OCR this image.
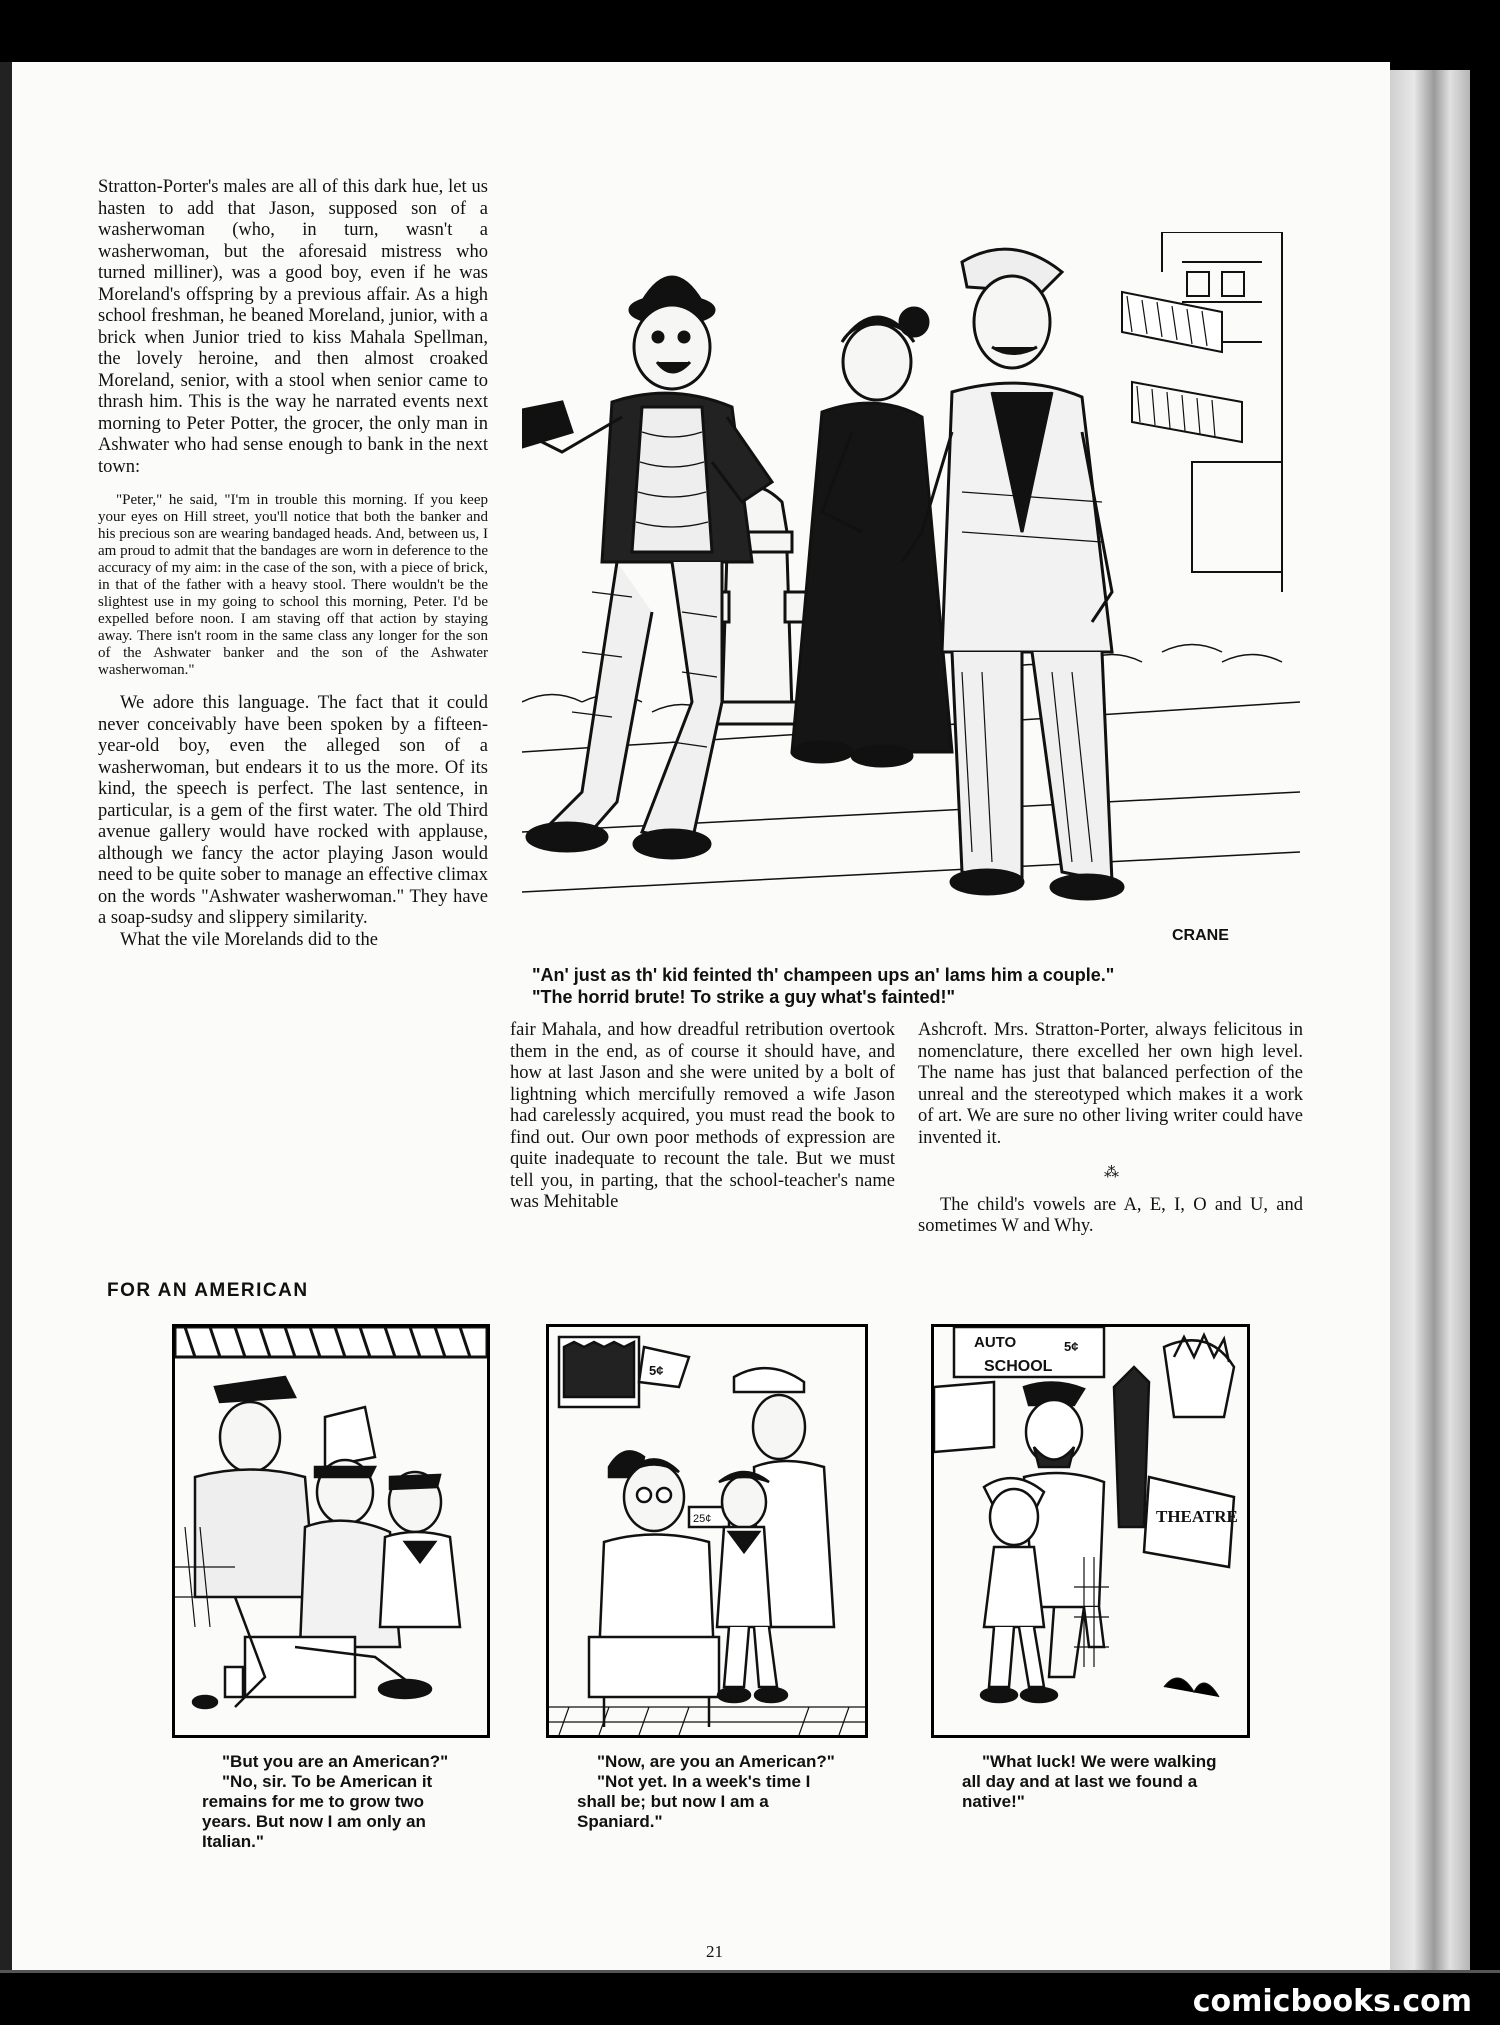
Stratton-Porter's males are all of this dark hue, let us hasten to add that Jason, supposed son of a washerwoman (who, in turn, wasn't a washerwoman, but the aforesaid mistress who turned milliner), was a good boy, even if he was Moreland's offspring by a previous affair. As a high school freshman, he beaned Moreland, junior, with a brick when Junior tried to kiss Mahala Spellman, the lovely heroine, and then almost croaked Moreland, senior, with a stool when senior came to thrash him. This is the way he narrated events next morning to Peter Potter, the grocer, the only man in Ashwater who had sense enough to bank in the next town:

"Peter," he said, "I'm in trouble this morning. If you keep your eyes on Hill street, you'll notice that both the banker and his precious son are wearing bandaged heads. And, between us, I am proud to admit that the bandages are worn in deference to the accuracy of my aim: in the case of the son, with a piece of brick, in that of the father with a heavy stool. There wouldn't be the slightest use in my going to school this morning, Peter. I'd be expelled before noon. I am staving off that action by staying away. There isn't room in the same class any longer for the son of the Ashwater banker and the son of the Ashwater washerwoman."

We adore this language. The fact that it could never conceivably have been spoken by a fifteen-year-old boy, even the alleged son of a washerwoman, but endears it to us the more. Of its kind, the speech is perfect. The last sentence, in particular, is a gem of the first water. The old Third avenue gallery would have rocked with applause, although we fancy the actor playing Jason would need to be quite sober to manage an effective climax on the words "Ashwater washerwoman." They have a soap-sudsy and slippery similarity.

What the vile Morelands did to the	CRANE
"An' just as th' kid feinted th' champeen ups an' lams him a couple."
"The horrid brute! To strike a guy what's fainted!"

fair Mahala, and how dreadful retribution overtook them in the end, as of course it should have, and how at last Jason and she were united by a bolt of lightning which mercifully removed a wife Jason had carelessly acquired, you must read the book to find out. Our own poor methods of expression are quite inadequate to recount the tale. But we must tell you, in parting, that the school-teacher's name was Mehitable

Ashcroft. Mrs. Stratton-Porter, always felicitous in nomenclature, there excelled her own high level. The name has just that balanced perfection of the unreal and the stereotyped which makes it a work of art. We are sure no other living writer could have invented it.

⁂

The child's vowels are A, E, I, O and U, and sometimes W and Why.

FOR AN AMERICAN
5¢
25¢
AUTO	5¢
SCHOOL
THEATRE

"But you are an American?"

"No, sir. To be American it remains for me to grow two years. But now I am only an Italian."

"Now, are you an American?"

"Not yet. In a week's time I shall be; but now I am a Spaniard."

"What luck! We were walking all day and at last we found a native!"

21
comicbooks.com
